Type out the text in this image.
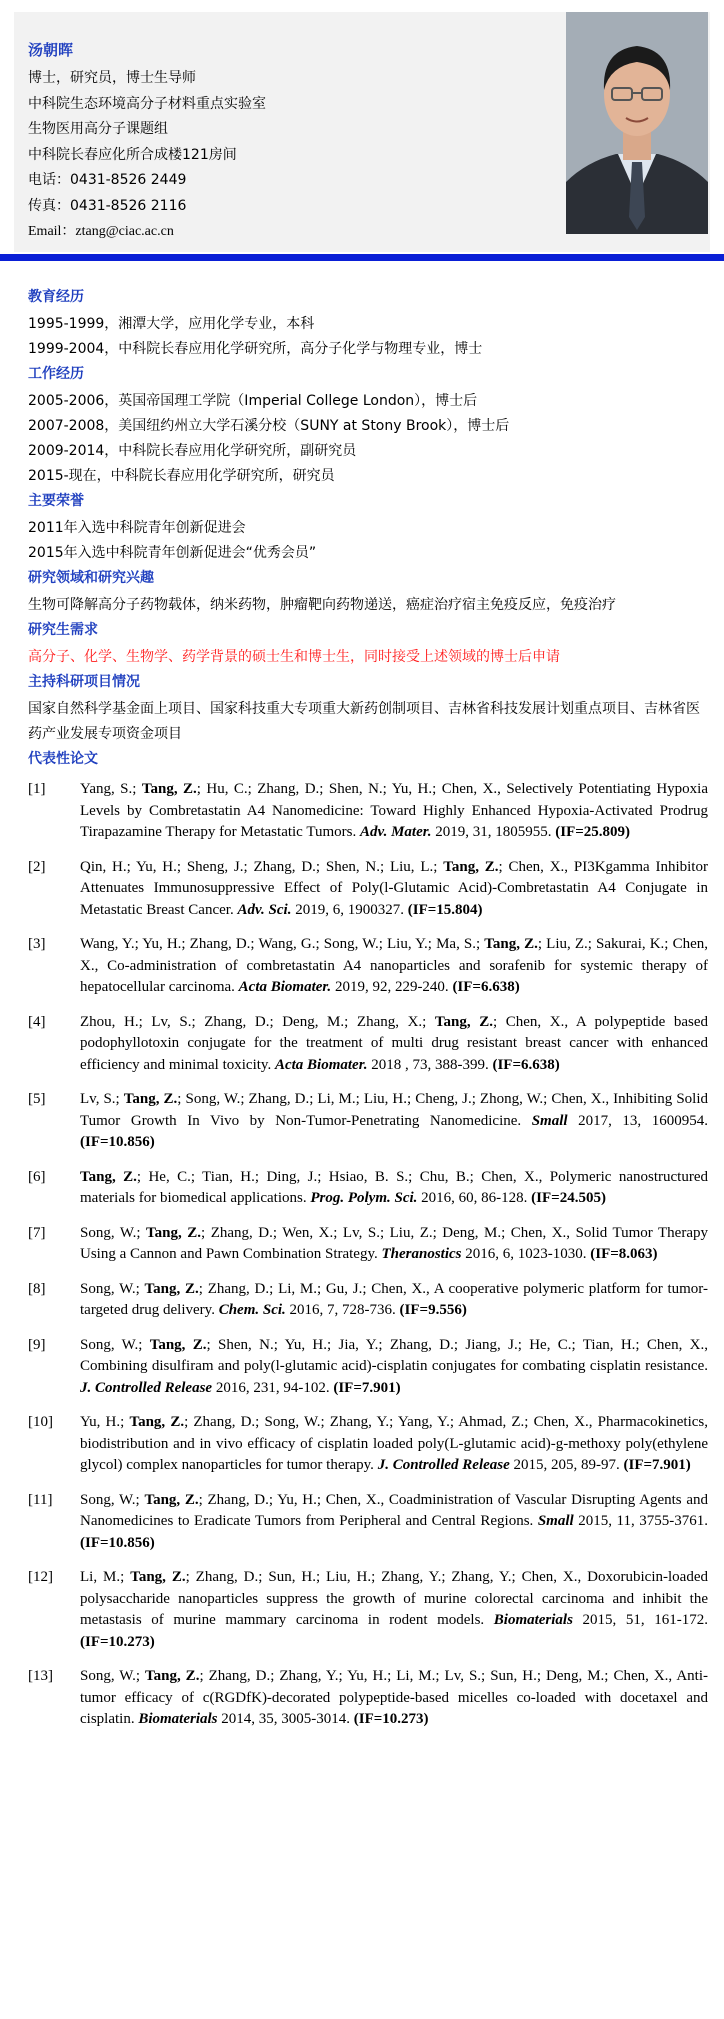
汤朝晖
博士，研究员，博士生导师
中科院生态环境高分子材料重点实验室
生物医用高分子课题组
中科院长春应化所合成楼121房间
电话：0431-8526 2449
传真：0431-8526 2116
Email：ztang@ciac.ac.cn
教育经历
1995-1999，湘潭大学，应用化学专业，本科
1999-2004，中科院长春应用化学研究所，高分子化学与物理专业，博士
工作经历
2005-2006，英国帝国理工学院（Imperial College London），博士后
2007-2008，美国纽约州立大学石溪分校（SUNY at Stony Brook），博士后
2009-2014，中科院长春应用化学研究所，副研究员
2015-现在，中科院长春应用化学研究所，研究员
主要荣誉
2011年入选中科院青年创新促进会
2015年入选中科院青年创新促进会“优秀会员”
研究领域和研究兴趣
生物可降解高分子药物载体，纳米药物，肿瘤靶向药物递送，癌症治疗宿主免疫反应，免疫治疗
研究生需求
高分子、化学、生物学、药学背景的硕士生和博士生，同时接受上述领域的博士后申请
主持科研项目情况
国家自然科学基金面上项目、国家科技重大专项重大新药创制项目、吉林省科技发展计划重点项目、吉林省医药产业发展专项资金项目
代表性论文
[1]	Yang, S.; Tang, Z.; Hu, C.; Zhang, D.; Shen, N.; Yu, H.; Chen, X., Selectively Potentiating Hypoxia Levels by Combretastatin A4 Nanomedicine: Toward Highly Enhanced Hypoxia-Activated Prodrug Tirapazamine Therapy for Metastatic Tumors. Adv. Mater. 2019, 31, 1805955. (IF=25.809)
[2]	Qin, H.; Yu, H.; Sheng, J.; Zhang, D.; Shen, N.; Liu, L.; Tang, Z.; Chen, X., PI3Kgamma Inhibitor Attenuates Immunosuppressive Effect of Poly(l-Glutamic Acid)-Combretastatin A4 Conjugate in Metastatic Breast Cancer. Adv. Sci. 2019, 6, 1900327. (IF=15.804)
[3]	Wang, Y.; Yu, H.; Zhang, D.; Wang, G.; Song, W.; Liu, Y.; Ma, S.; Tang, Z.; Liu, Z.; Sakurai, K.; Chen, X., Co-administration of combretastatin A4 nanoparticles and sorafenib for systemic therapy of hepatocellular carcinoma. Acta Biomater. 2019, 92, 229-240. (IF=6.638)
[4]	Zhou, H.; Lv, S.; Zhang, D.; Deng, M.; Zhang, X.; Tang, Z.; Chen, X., A polypeptide based podophyllotoxin conjugate for the treatment of multi drug resistant breast cancer with enhanced efficiency and minimal toxicity. Acta Biomater. 2018 , 73, 388-399. (IF=6.638)
[5]	Lv, S.; Tang, Z.; Song, W.; Zhang, D.; Li, M.; Liu, H.; Cheng, J.; Zhong, W.; Chen, X., Inhibiting Solid Tumor Growth In Vivo by Non-Tumor-Penetrating Nanomedicine. Small 2017, 13, 1600954. (IF=10.856)
[6]	Tang, Z.; He, C.; Tian, H.; Ding, J.; Hsiao, B. S.; Chu, B.; Chen, X., Polymeric nanostructured materials for biomedical applications. Prog. Polym. Sci. 2016, 60, 86-128. (IF=24.505)
[7]	Song, W.; Tang, Z.; Zhang, D.; Wen, X.; Lv, S.; Liu, Z.; Deng, M.; Chen, X., Solid Tumor Therapy Using a Cannon and Pawn Combination Strategy. Theranostics 2016, 6, 1023-1030. (IF=8.063)
[8]	Song, W.; Tang, Z.; Zhang, D.; Li, M.; Gu, J.; Chen, X., A cooperative polymeric platform for tumor-targeted drug delivery. Chem. Sci. 2016, 7, 728-736. (IF=9.556)
[9]	Song, W.; Tang, Z.; Shen, N.; Yu, H.; Jia, Y.; Zhang, D.; Jiang, J.; He, C.; Tian, H.; Chen, X., Combining disulfiram and poly(l-glutamic acid)-cisplatin conjugates for combating cisplatin resistance. J. Controlled Release 2016, 231, 94-102. (IF=7.901)
[10]	Yu, H.; Tang, Z.; Zhang, D.; Song, W.; Zhang, Y.; Yang, Y.; Ahmad, Z.; Chen, X., Pharmacokinetics, biodistribution and in vivo efficacy of cisplatin loaded poly(L-glutamic acid)-g-methoxy poly(ethylene glycol) complex nanoparticles for tumor therapy. J. Controlled Release 2015, 205, 89-97. (IF=7.901)
[11]	Song, W.; Tang, Z.; Zhang, D.; Yu, H.; Chen, X., Coadministration of Vascular Disrupting Agents and Nanomedicines to Eradicate Tumors from Peripheral and Central Regions. Small 2015, 11, 3755-3761. (IF=10.856)
[12]	Li, M.; Tang, Z.; Zhang, D.; Sun, H.; Liu, H.; Zhang, Y.; Zhang, Y.; Chen, X., Doxorubicin-loaded polysaccharide nanoparticles suppress the growth of murine colorectal carcinoma and inhibit the metastasis of murine mammary carcinoma in rodent models. Biomaterials 2015, 51, 161-172. (IF=10.273)
[13]	Song, W.; Tang, Z.; Zhang, D.; Zhang, Y.; Yu, H.; Li, M.; Lv, S.; Sun, H.; Deng, M.; Chen, X., Anti-tumor efficacy of c(RGDfK)-decorated polypeptide-based micelles co-loaded with docetaxel and cisplatin. Biomaterials 2014, 35, 3005-3014. (IF=10.273)
